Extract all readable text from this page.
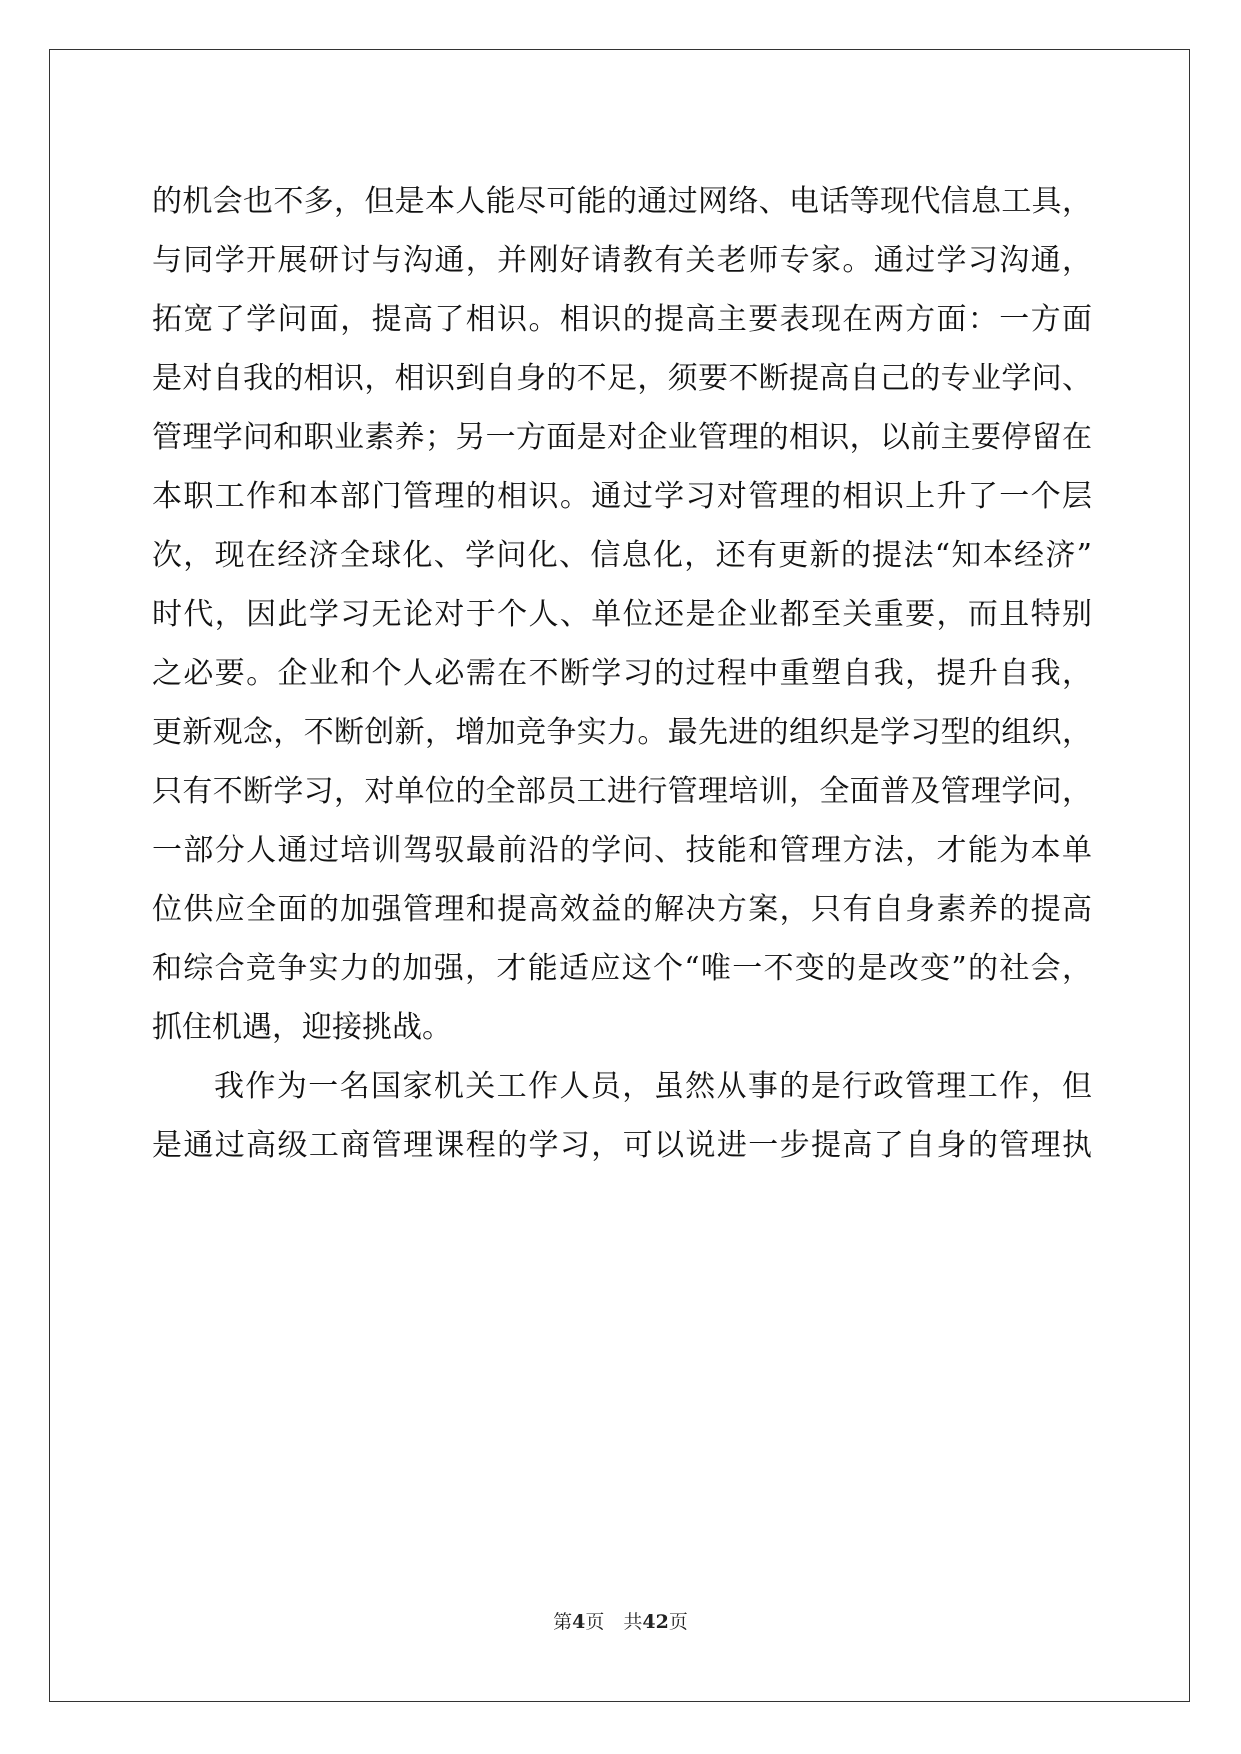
的机会也不多，但是本人能尽可能的通过网络、电话等现代信息工具，

与同学开展研讨与沟通，并刚好请教有关老师专家。通过学习沟通，

拓宽了学问面，提高了相识。相识的提高主要表现在两方面：一方面

是对自我的相识，相识到自身的不足，须要不断提高自己的专业学问、

管理学问和职业素养；另一方面是对企业管理的相识，以前主要停留在

本职工作和本部门管理的相识。通过学习对管理的相识上升了一个层

次，现在经济全球化、学问化、信息化，还有更新的提法“知本经济”

时代，因此学习无论对于个人、单位还是企业都至关重要，而且特别

之必要。企业和个人必需在不断学习的过程中重塑自我，提升自我，

更新观念，不断创新，增加竞争实力。最先进的组织是学习型的组织，

只有不断学习，对单位的全部员工进行管理培训，全面普及管理学问，

一部分人通过培训驾驭最前沿的学问、技能和管理方法，才能为本单

位供应全面的加强管理和提高效益的解决方案，只有自身素养的提高

和综合竞争实力的加强，才能适应这个“唯一不变的是改变”的社会，

抓住机遇，迎接挑战。

我作为一名国家机关工作人员，虽然从事的是行政管理工作，但

是通过高级工商管理课程的学习，可以说进一步提高了自身的管理执

第4页　共42页
